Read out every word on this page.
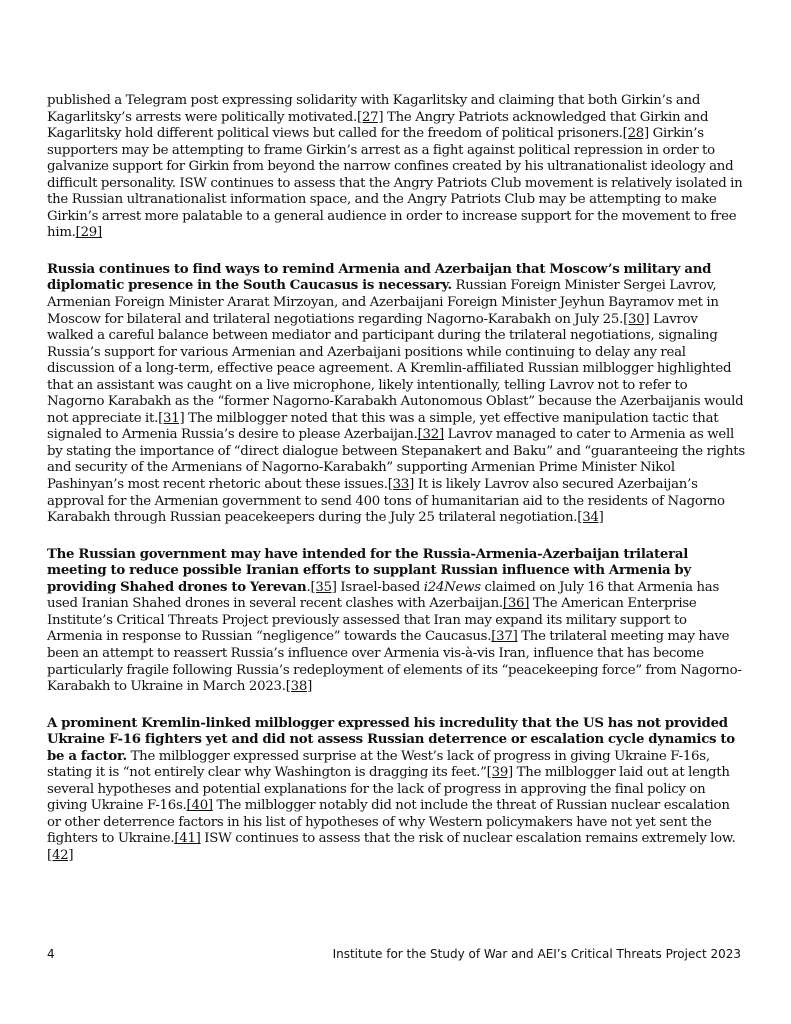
published a Telegram post expressing solidarity with Kagarlitsky and claiming that both Girkin’s and Kagarlitsky’s arrests were politically motivated.[27] The Angry Patriots acknowledged that Girkin and Kagarlitsky hold different political views but called for the freedom of political prisoners.[28] Girkin’s supporters may be attempting to frame Girkin’s arrest as a fight against political repression in order to galvanize support for Girkin from beyond the narrow confines created by his ultranationalist ideology and difficult personality. ISW continues to assess that the Angry Patriots Club movement is relatively isolated in the Russian ultranationalist information space, and the Angry Patriots Club may be attempting to make Girkin’s arrest more palatable to a general audience in order to increase support for the movement to free him.[29]

Russia continues to find ways to remind Armenia and Azerbaijan that Moscow’s military and diplomatic presence in the South Caucasus is necessary. Russian Foreign Minister Sergei Lavrov, Armenian Foreign Minister Ararat Mirzoyan, and Azerbaijani Foreign Minister Jeyhun Bayramov met in Moscow for bilateral and trilateral negotiations regarding Nagorno-Karabakh on July 25.[30] Lavrov walked a careful balance between mediator and participant during the trilateral negotiations, signaling Russia’s support for various Armenian and Azerbaijani positions while continuing to delay any real discussion of a long-term, effective peace agreement. A Kremlin-affiliated Russian milblogger highlighted that an assistant was caught on a live microphone, likely intentionally, telling Lavrov not to refer to Nagorno Karabakh as the “former Nagorno-Karabakh Autonomous Oblast” because the Azerbaijanis would not appreciate it.[31] The milblogger noted that this was a simple, yet effective manipulation tactic that signaled to Armenia Russia’s desire to please Azerbaijan.[32] Lavrov managed to cater to Armenia as well by stating the importance of “direct dialogue between Stepanakert and Baku” and “guaranteeing the rights and security of the Armenians of Nagorno-Karabakh” supporting Armenian Prime Minister Nikol Pashinyan’s most recent rhetoric about these issues.[33] It is likely Lavrov also secured Azerbaijan’s approval for the Armenian government to send 400 tons of humanitarian aid to the residents of Nagorno Karabakh through Russian peacekeepers during the July 25 trilateral negotiation.[34]

The Russian government may have intended for the Russia-Armenia-Azerbaijan trilateral meeting to reduce possible Iranian efforts to supplant Russian influence with Armenia by providing Shahed drones to Yerevan.[35] Israel-based i24News claimed on July 16 that Armenia has used Iranian Shahed drones in several recent clashes with Azerbaijan.[36] The American Enterprise Institute’s Critical Threats Project previously assessed that Iran may expand its military support to Armenia in response to Russian “negligence” towards the Caucasus.[37] The trilateral meeting may have been an attempt to reassert Russia’s influence over Armenia vis-à-vis Iran, influence that has become particularly fragile following Russia’s redeployment of elements of its “peacekeeping force” from Nagorno-Karabakh to Ukraine in March 2023.[38]

A prominent Kremlin-linked milblogger expressed his incredulity that the US has not provided Ukraine F-16 fighters yet and did not assess Russian deterrence or escalation cycle dynamics to be a factor. The milblogger expressed surprise at the West’s lack of progress in giving Ukraine F-16s, stating it is “not entirely clear why Washington is dragging its feet.”[39] The milblogger laid out at length several hypotheses and potential explanations for the lack of progress in approving the final policy on giving Ukraine F-16s.[40] The milblogger notably did not include the threat of Russian nuclear escalation or other deterrence factors in his list of hypotheses of why Western policymakers have not yet sent the fighters to Ukraine.[41] ISW continues to assess that the risk of nuclear escalation remains extremely low.[42]

4	Institute for the Study of War and AEI’s Critical Threats Project 2023
